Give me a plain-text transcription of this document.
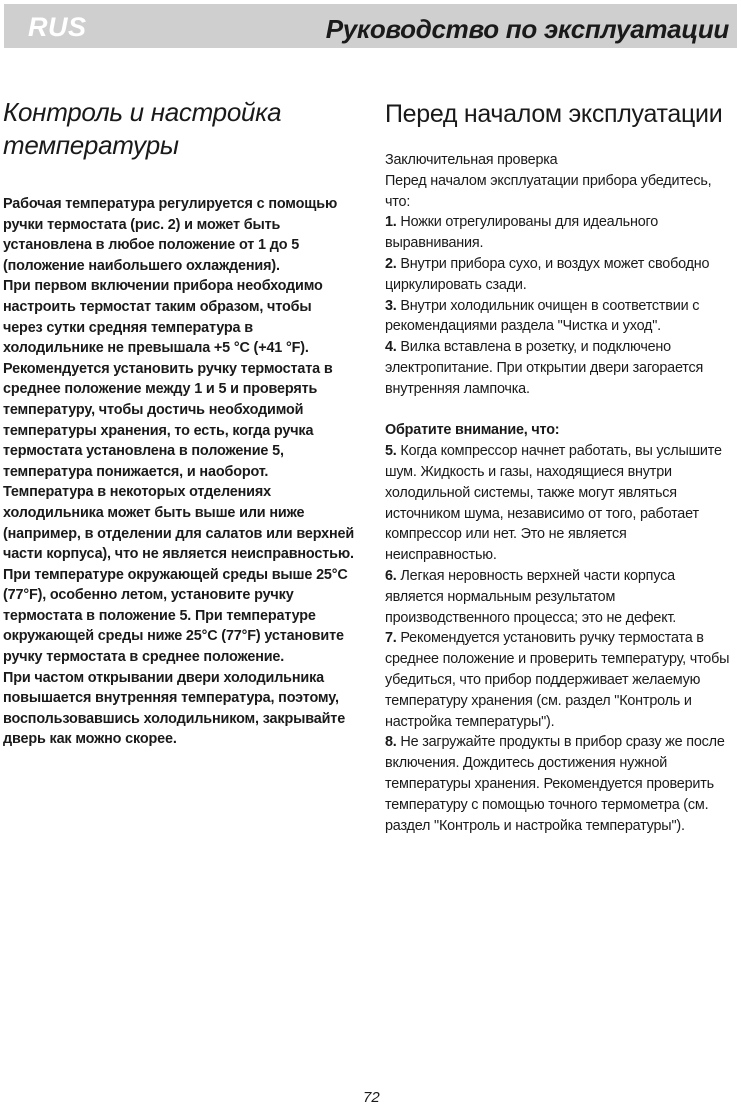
RUS	Руководство по эксплуатации
Контроль и настройка
температуры
Рабочая температура регулируется с помощью
ручки термостата (рис. 2) и может быть
установлена в любое положение от 1 до 5
(положение наибольшего охлаждения).
При первом включении прибора необходимо
настроить термостат таким образом, чтобы
через сутки средняя температура в
холодильнике не превышала +5 °С (+41 °F).
Рекомендуется установить ручку термостата в
среднее положение между 1 и 5 и проверять
температуру, чтобы достичь необходимой
температуры хранения, то есть, когда ручка
термостата установлена в положение 5,
температура понижается, и наоборот.
Температура в некоторых отделениях
холодильника может быть выше или ниже
(например, в отделении для салатов или верхней
части корпуса), что не является неисправностью.
При температуре окружающей среды выше 25°С
(77°F), особенно летом, установите ручку
термостата в положение 5. При температуре
окружающей среды ниже 25°С (77°F) установите
ручку термостата в среднее положение.
При частом открывании двери холодильника
повышается внутренняя температура, поэтому,
воспользовавшись холодильником, закрывайте
дверь как можно скорее.
Перед началом эксплуатации
Заключительная проверка
Перед началом эксплуатации прибора убедитесь,
что:
1. Ножки отрегулированы для идеального
выравнивания.
2. Внутри прибора сухо, и воздух может свободно
циркулировать сзади.
3. Внутри холодильник очищен в соответствии с
рекомендациями раздела "Чистка и уход".
4. Вилка вставлена в розетку, и подключено
электропитание. При открытии двери загорается
внутренняя лампочка.
Обратите внимание, что:
5. Когда компрессор начнет работать, вы услышите
шум. Жидкость и газы, находящиеся внутри
холодильной системы, также могут являться
источником шума, независимо от того, работает
компрессор или нет. Это не является
неисправностью.
6. Легкая неровность верхней части корпуса
является нормальным результатом
производственного процесса; это не дефект.
7. Рекомендуется установить ручку термостата в
среднее положение и проверить температуру, чтобы
убедиться, что прибор поддерживает желаемую
температуру хранения (см. раздел "Контроль и
настройка температуры").
8. Не загружайте продукты в прибор сразу же после
включения. Дождитесь достижения нужной
температуры хранения. Рекомендуется проверить
температуру с помощью точного термометра (см.
раздел "Контроль и настройка температуры").
72
